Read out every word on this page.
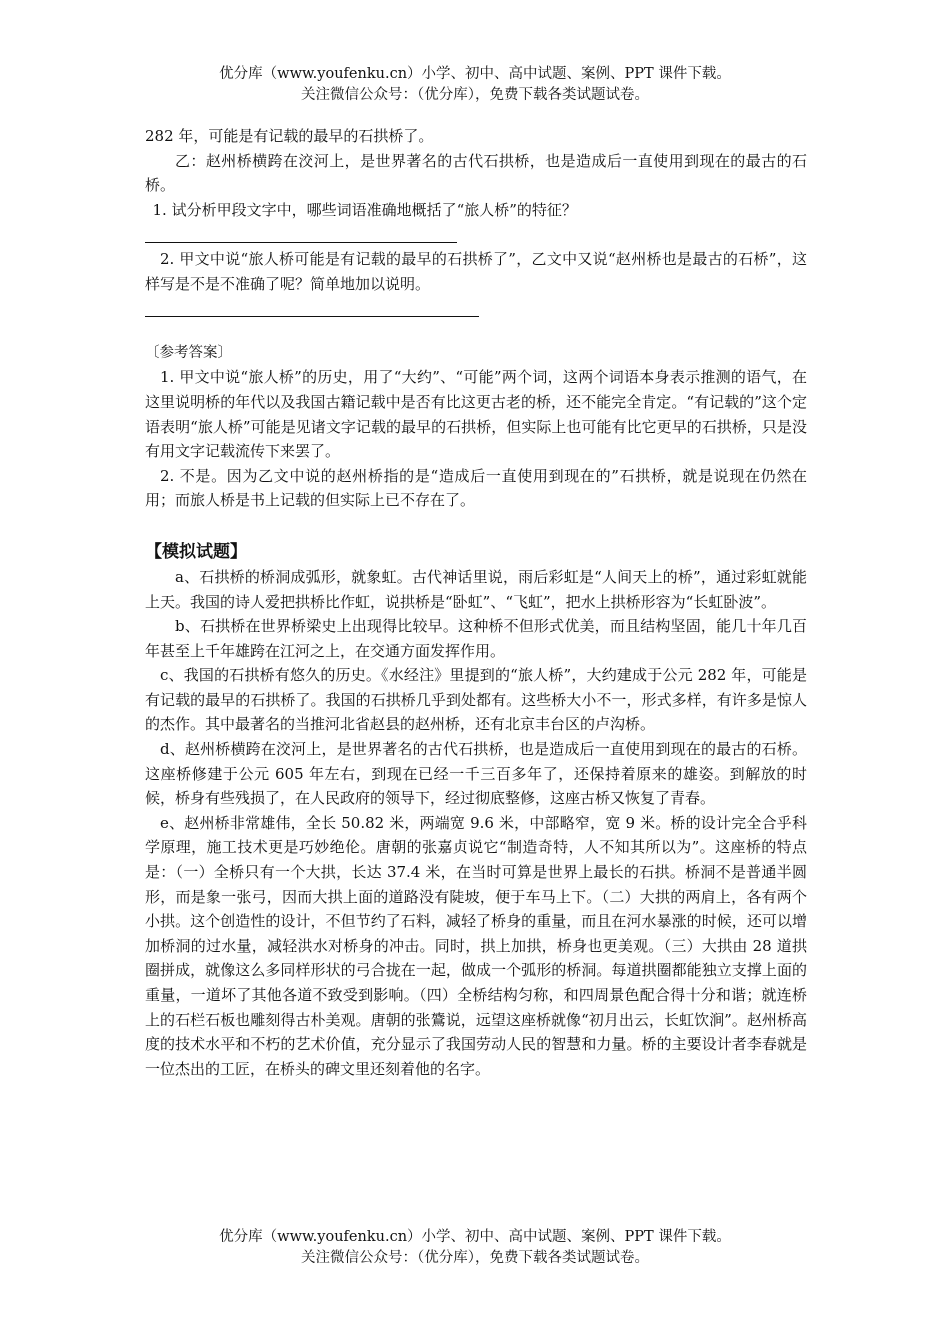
优分库（www.youfenku.cn）小学、初中、高中试题、案例、PPT 课件下载。
关注微信公众号：（优分库），免费下载各类试题试卷。

282 年，可能是有记载的最早的石拱桥了。

乙：赵州桥横跨在洨河上，是世界著名的古代石拱桥，也是造成后一直使用到现在的最古的石桥。

1. 试分析甲段文字中，哪些词语准确地概括了“旅人桥”的特征？

2. 甲文中说“旅人桥可能是有记载的最早的石拱桥了”，乙文中又说“赵州桥也是最古的石桥”，这样写是不是不准确了呢？简单地加以说明。

〔参考答案〕

1. 甲文中说“旅人桥”的历史，用了“大约”、“可能”两个词，这两个词语本身表示推测的语气，在这里说明桥的年代以及我国古籍记载中是否有比这更古老的桥，还不能完全肯定。“有记载的”这个定语表明“旅人桥”可能是见诸文字记载的最早的石拱桥，但实际上也可能有比它更早的石拱桥，只是没有用文字记载流传下来罢了。

2. 不是。因为乙文中说的赵州桥指的是“造成后一直使用到现在的”石拱桥，就是说现在仍然在用；而旅人桥是书上记载的但实际上已不存在了。

【模拟试题】

a、石拱桥的桥洞成弧形，就象虹。古代神话里说，雨后彩虹是“人间天上的桥”，通过彩虹就能上天。我国的诗人爱把拱桥比作虹，说拱桥是“卧虹”、“飞虹”，把水上拱桥形容为“长虹卧波”。

b、石拱桥在世界桥梁史上出现得比较早。这种桥不但形式优美，而且结构坚固，能几十年几百年甚至上千年雄跨在江河之上，在交通方面发挥作用。

c、我国的石拱桥有悠久的历史。《水经注》里提到的“旅人桥”，大约建成于公元 282 年，可能是有记载的最早的石拱桥了。我国的石拱桥几乎到处都有。这些桥大小不一，形式多样，有许多是惊人的杰作。其中最著名的当推河北省赵县的赵州桥，还有北京丰台区的卢沟桥。

d、赵州桥横跨在洨河上，是世界著名的古代石拱桥，也是造成后一直使用到现在的最古的石桥。这座桥修建于公元 605 年左右，到现在已经一千三百多年了，还保持着原来的雄姿。到解放的时候，桥身有些残损了，在人民政府的领导下，经过彻底整修，这座古桥又恢复了青春。

e、赵州桥非常雄伟，全长 50.82 米，两端宽 9.6 米，中部略窄，宽 9 米。桥的设计完全合乎科学原理，施工技术更是巧妙绝伦。唐朝的张嘉贞说它“制造奇特，人不知其所以为”。这座桥的特点是：（一）全桥只有一个大拱，长达 37.4 米，在当时可算是世界上最长的石拱。桥洞不是普通半圆形，而是象一张弓，因而大拱上面的道路没有陡坡，便于车马上下。（二）大拱的两肩上，各有两个小拱。这个创造性的设计，不但节约了石料，减轻了桥身的重量，而且在河水暴涨的时候，还可以增加桥洞的过水量，减轻洪水对桥身的冲击。同时，拱上加拱，桥身也更美观。（三）大拱由 28 道拱圈拼成，就像这么多同样形状的弓合拢在一起，做成一个弧形的桥洞。每道拱圈都能独立支撑上面的重量，一道坏了其他各道不致受到影响。（四）全桥结构匀称，和四周景色配合得十分和谐；就连桥上的石栏石板也雕刻得古朴美观。唐朝的张鷟说，远望这座桥就像“初月出云，长虹饮涧”。赵州桥高度的技术水平和不朽的艺术价值，充分显示了我国劳动人民的智慧和力量。桥的主要设计者李春就是一位杰出的工匠，在桥头的碑文里还刻着他的名字。

优分库（www.youfenku.cn）小学、初中、高中试题、案例、PPT 课件下载。
关注微信公众号：（优分库），免费下载各类试题试卷。
